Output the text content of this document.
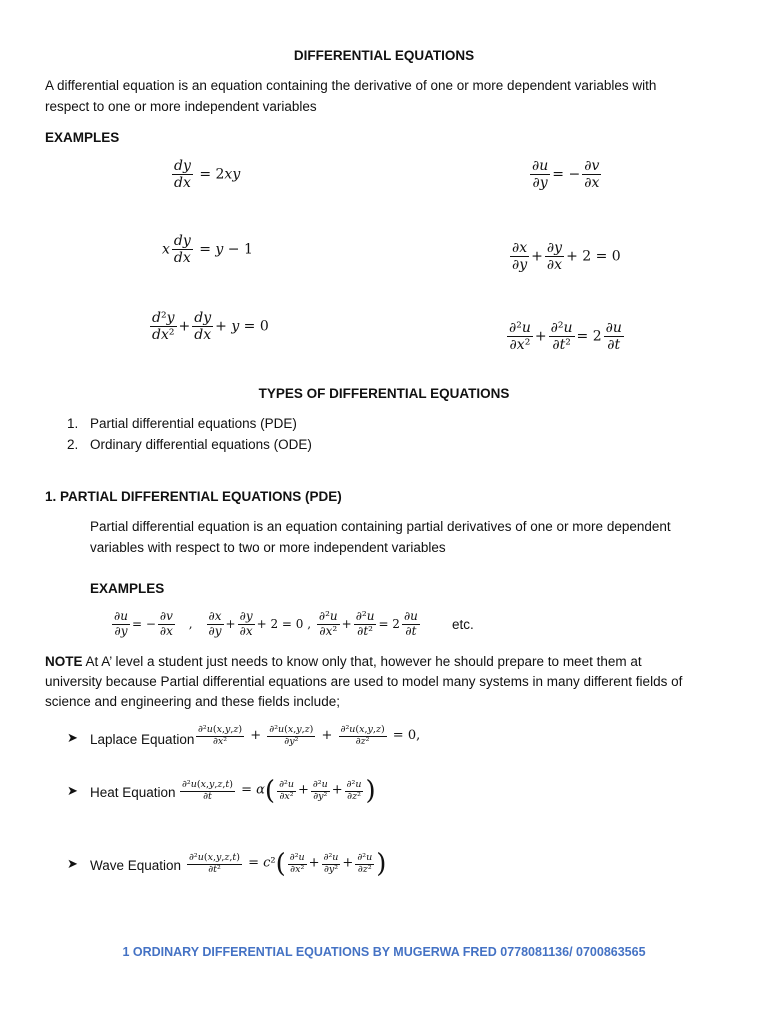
DIFFERENTIAL EQUATIONS
A differential equation is an equation containing the derivative of one or more dependent variables with
respect to one or more independent variables
EXAMPLES
$\frac{dy}{dx} = 2xy$
x $\frac{dy}{dx} = y - 1$
$\frac{\text{d²y}}{\text{dx²}} + \frac{dy}{dx} + y = 0$
$\frac{\partial u}{\partial y}$ = − $\frac{\partial v}{\partial x}$
$\frac{\partial x}{\partial y} + \frac{\partial y}{\partial x} + 2 = 0$
$\frac{\text{∂²u}}{\text{∂x²}} + \frac{\text{∂²u}}{\text{∂t²}} = 2 \frac{\partial u}{\partial t}$
TYPES OF DIFFERENTIAL EQUATIONS
1. Partial differential equations (PDE)
2. Ordinary differential equations (ODE)
1. PARTIAL DIFFERENTIAL EQUATIONS (PDE)
Partial differential equation is an equation containing partial derivatives of one or more dependent
variables with respect to two or more independent variables
EXAMPLES
$\frac{\partial u}{\partial y}$ = − $\frac{\partial v}{\partial x}$ , $\frac{\partial x}{\partial y} + \frac{\partial y}{\partial x} + 2 = 0$ , $\frac{\text{∂²u}}{\text{∂x²}} + \frac{\text{∂²u}}{\text{∂t²}} = 2 \frac{\partial u}{\partial t}$ etc.
NOTE At A’ level a student just needs to know only that, however he should prepare to meet them at
university because Partial differential equations are used to model many systems in many different fields of
science and engineering and these fields include;
➤ Laplace Equation $\frac{\text{∂²u(x,y,z)}}{\text{∂x²}} + \frac{\text{∂²u(x,y,z)}}{\text{∂y²}} + \frac{\text{∂²u(x,y,z)}}{\text{∂z²}} = 0$,
➤ Heat Equation $\frac{\text{∂²u(x,y,z,t)}}{\partial t} = \alpha( \frac{\text{∂²u}}{\text{∂x²}} + \frac{\text{∂²u}}{\text{∂y²}} + \frac{\text{∂²u}}{\text{∂z²}}$ )
➤ Wave Equation $\frac{\text{∂²u(x,y,z,t)}}{\text{∂t²}} = c^2( \frac{\text{∂²u}}{\text{∂x²}} + \frac{\text{∂²u}}{\text{∂y²}} + \frac{\text{∂²u}}{\text{∂z²}}$ )
1 ORDINARY DIFFERENTIAL EQUATIONS BY MUGERWA FRED 0778081136/ 0700863565
